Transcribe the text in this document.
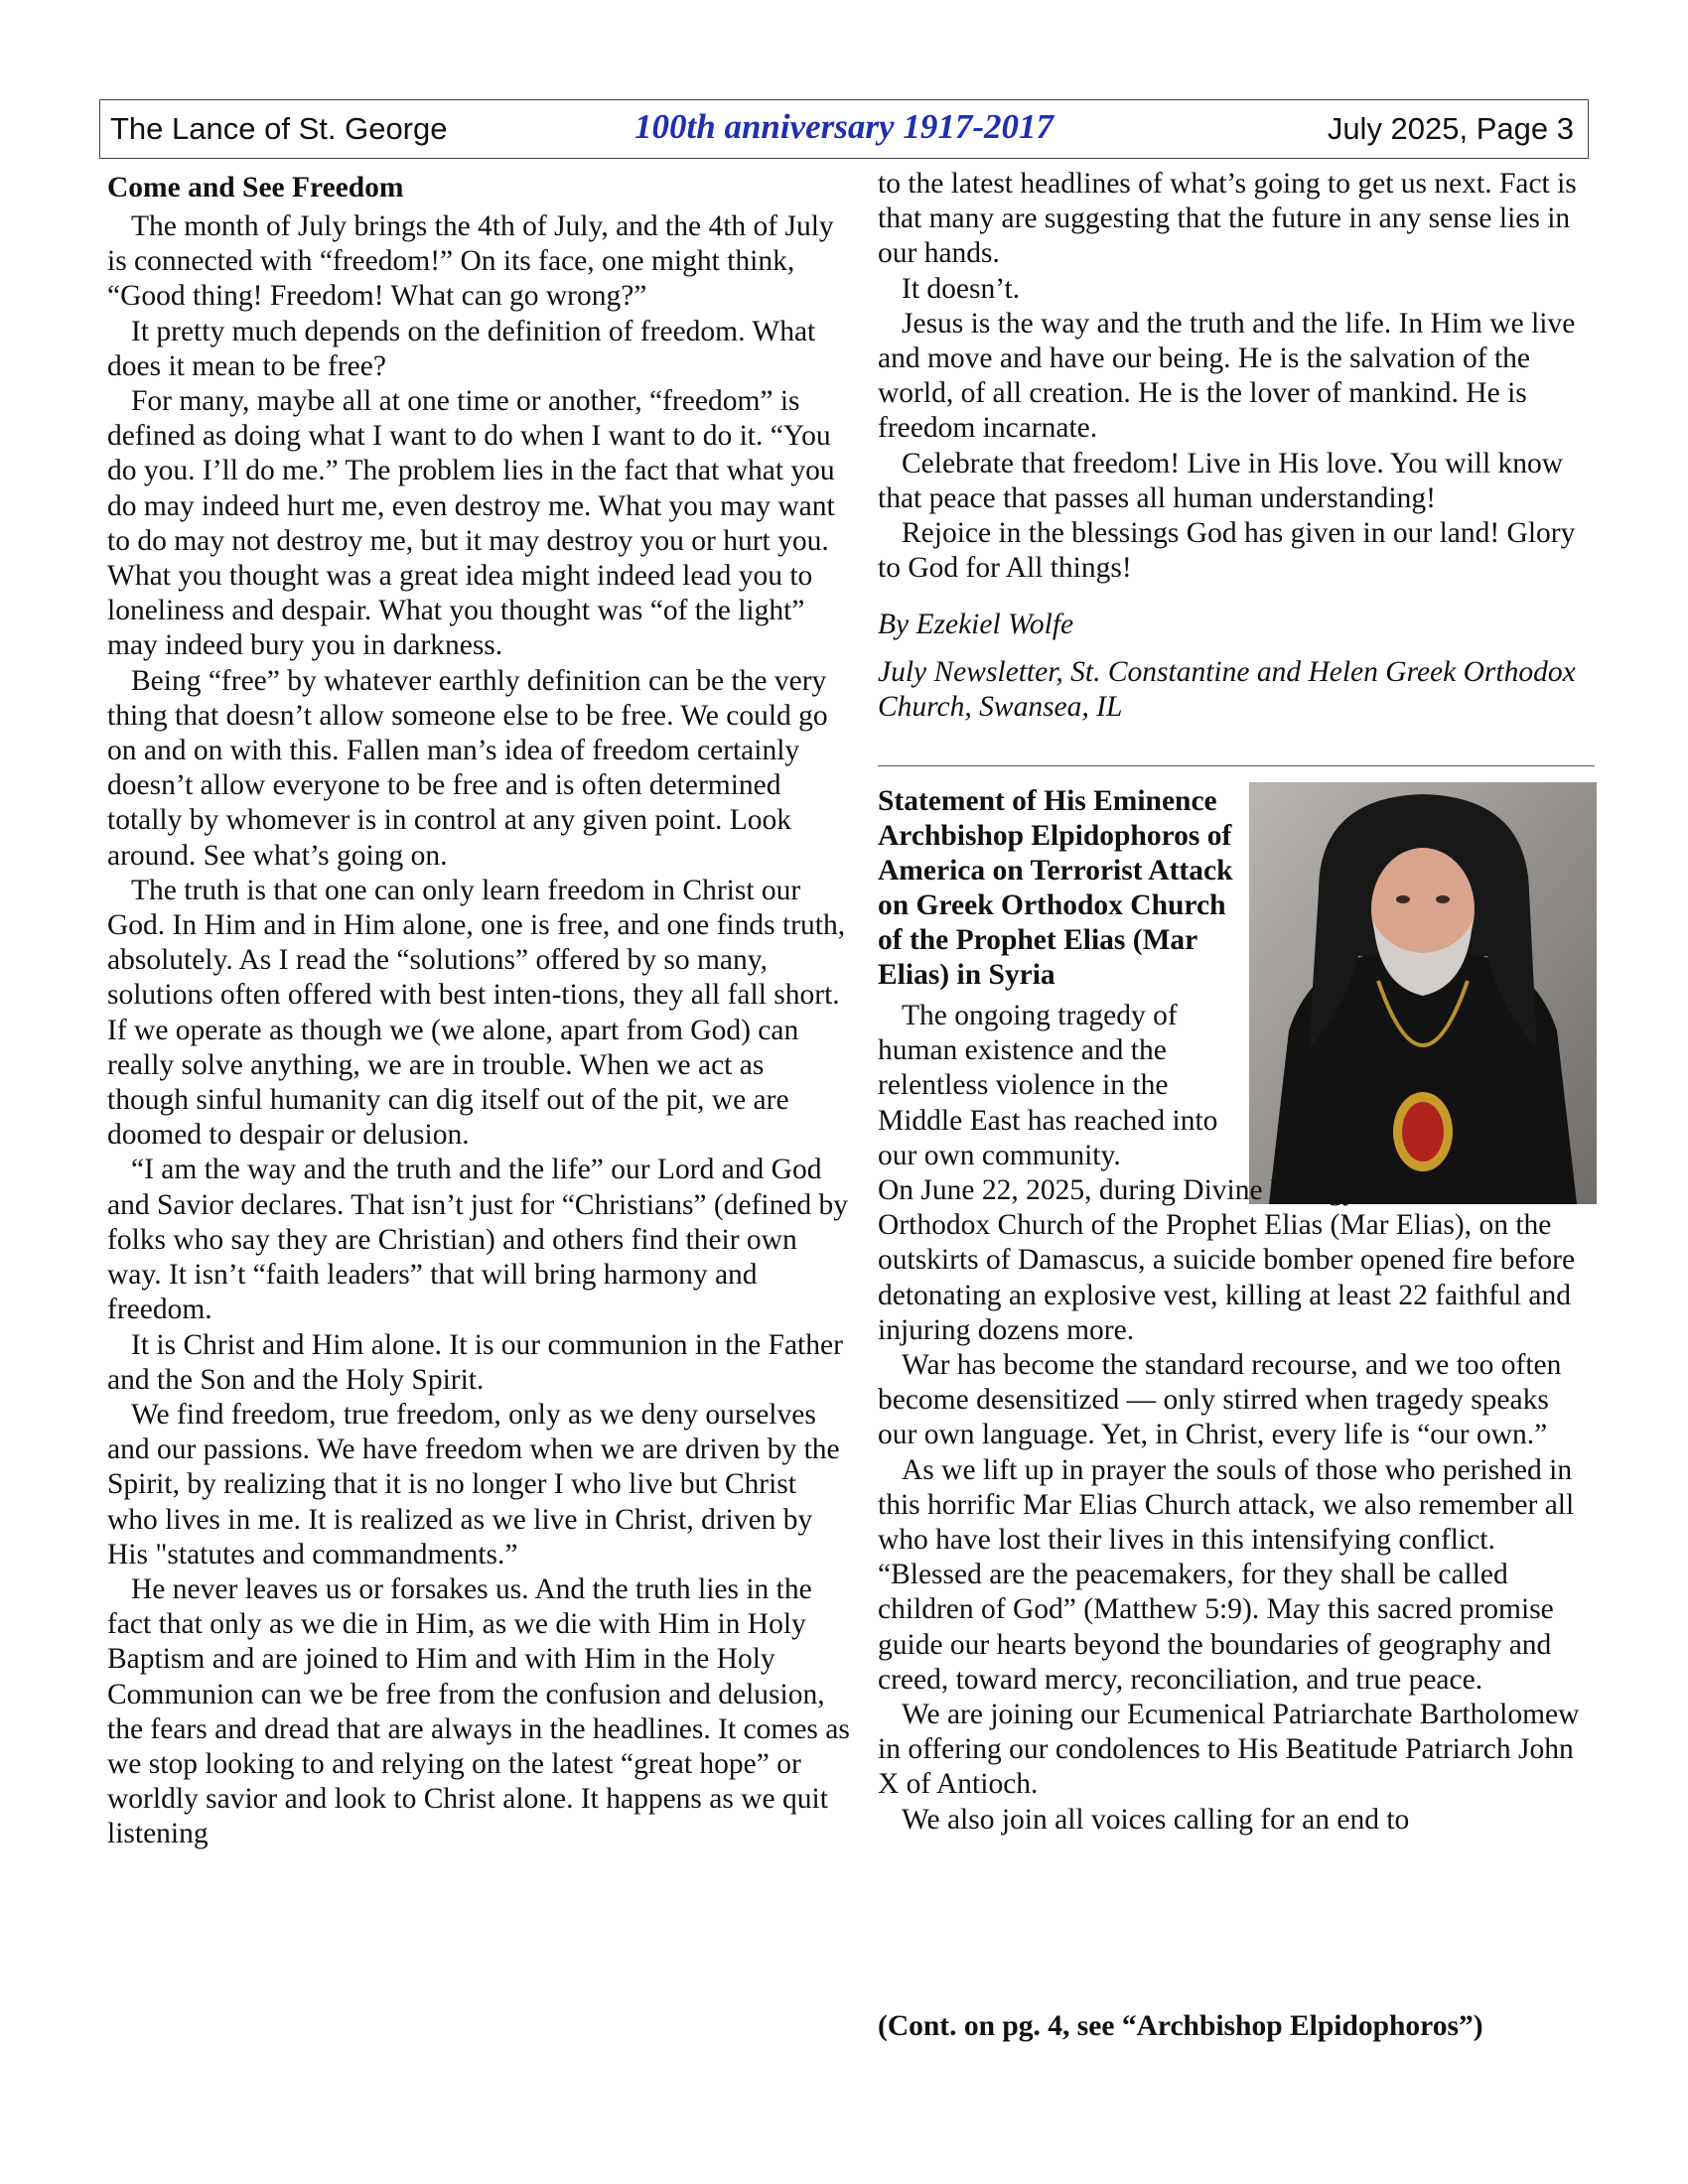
The Lance of St. George	100th anniversary 1917-2017	July 2025, Page 3
Come and See Freedom

The month of July brings the 4th of July, and the 4th of July is connected with “freedom!” On its face, one might think, “Good thing! Freedom! What can go wrong?”

It pretty much depends on the definition of freedom. What does it mean to be free?

For many, maybe all at one time or another, “freedom” is defined as doing what I want to do when I want to do it. “You do you. I’ll do me.” The problem lies in the fact that what you do may indeed hurt me, even destroy me. What you may want to do may not destroy me, but it may destroy you or hurt you. What you thought was a great idea might indeed lead you to loneliness and despair. What you thought was “of the light” may indeed bury you in darkness.

Being “free” by whatever earthly definition can be the very thing that doesn’t allow someone else to be free. We could go on and on with this. Fallen man’s idea of freedom certainly doesn’t allow everyone to be free and is often determined totally by whomever is in control at any given point. Look around. See what’s going on.

The truth is that one can only learn freedom in Christ our God. In Him and in Him alone, one is free, and one finds truth, absolutely. As I read the “solutions” offered by so many, solutions often offered with best inten-tions, they all fall short. If we operate as though we (we alone, apart from God) can really solve anything, we are in trouble. When we act as though sinful humanity can dig itself out of the pit, we are doomed to despair or delusion.

“I am the way and the truth and the life” our Lord and God and Savior declares. That isn’t just for “Christians” (defined by folks who say they are Christian) and others find their own way. It isn’t “faith leaders” that will bring harmony and freedom.

It is Christ and Him alone. It is our communion in the Father and the Son and the Holy Spirit.

We find freedom, true freedom, only as we deny ourselves and our passions. We have freedom when we are driven by the Spirit, by realizing that it is no longer I who live but Christ who lives in me. It is realized as we live in Christ, driven by His "statutes and commandments.”

He never leaves us or forsakes us. And the truth lies in the fact that only as we die in Him, as we die with Him in Holy Baptism and are joined to Him and with Him in the Holy Communion can we be free from the confusion and delusion, the fears and dread that are always in the headlines. It comes as we stop looking to and relying on the latest “great hope” or worldly savior and look to Christ alone. It happens as we quit listening

to the latest headlines of what’s going to get us next. Fact is that many are suggesting that the future in any sense lies in our hands.

It doesn’t.

Jesus is the way and the truth and the life. In Him we live and move and have our being. He is the salvation of the world, of all creation. He is the lover of mankind. He is freedom incarnate.

Celebrate that freedom! Live in His love. You will know that peace that passes all human understanding!

Rejoice in the blessings God has given in our land! Glory to God for All things!

By Ezekiel Wolfe

July Newsletter, St. Constantine and Helen Greek Orthodox Church, Swansea, IL

Statement of His Eminence Archbishop Elpidophoros of America on Terrorist Attack on Greek Orthodox Church of the Prophet Elias (Mar Elias) in Syria

The ongoing tragedy of human existence and the relentless violence in the Middle East has reached into our own community.

On June 22, 2025, during Divine Liturgy at the Greek Orthodox Church of the Prophet Elias (Mar Elias), on the outskirts of Damascus, a suicide bomber opened fire before detonating an explosive vest, killing at least 22 faithful and injuring dozens more.

War has become the standard recourse, and we too often become desensitized — only stirred when tragedy speaks our own language. Yet, in Christ, every life is “our own.”

As we lift up in prayer the souls of those who perished in this horrific Mar Elias Church attack, we also remember all who have lost their lives in this intensifying conflict. “Blessed are the peacemakers, for they shall be called children of God” (Matthew 5:9). May this sacred promise guide our hearts beyond the boundaries of geography and creed, toward mercy, reconciliation, and true peace.

We are joining our Ecumenical Patriarchate Bartholomew in offering our condolences to His Beatitude Patriarch John X of Antioch.

We also join all voices calling for an end to

(Cont. on pg. 4, see “Archbishop Elpidophoros”)
